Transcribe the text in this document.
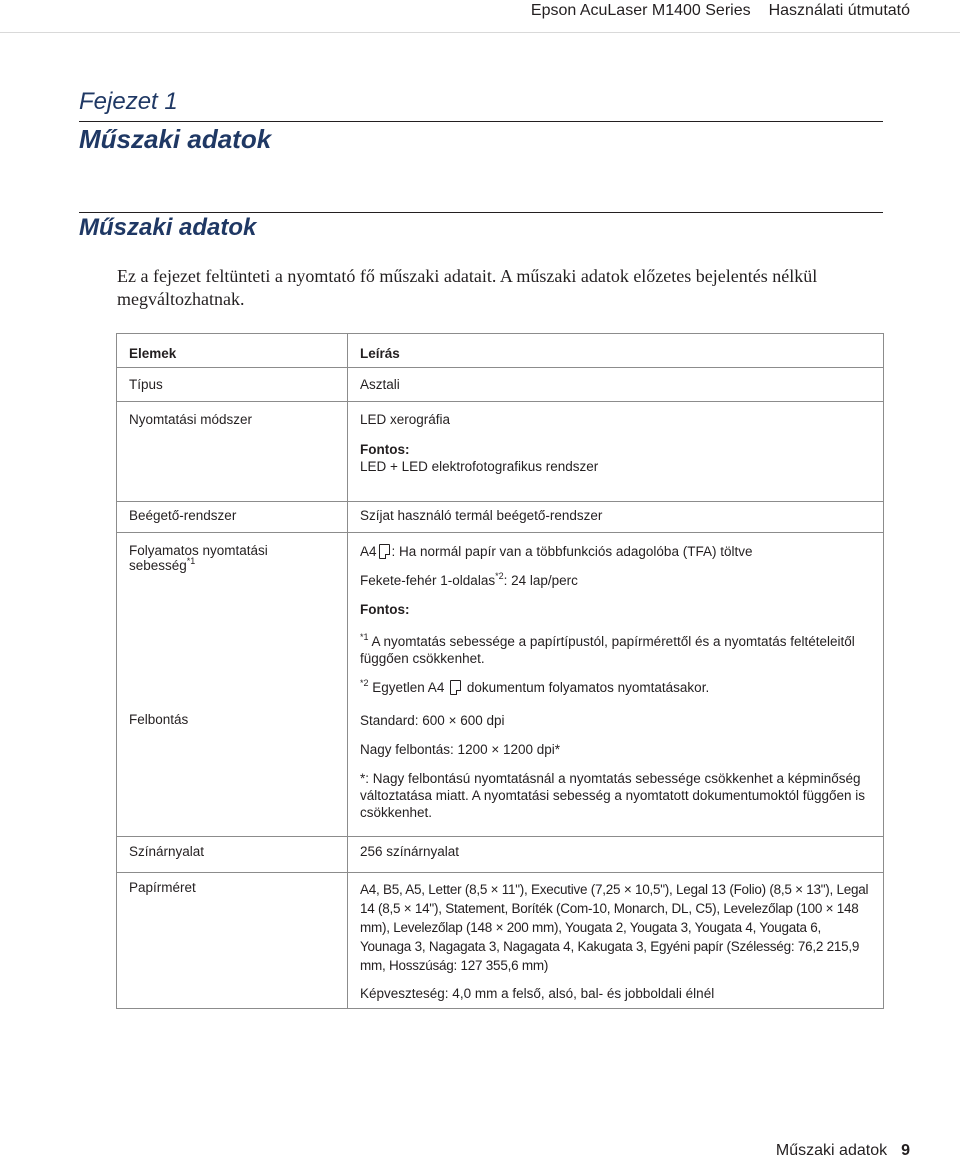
Epson AcuLaser M1400 Series Használati útmutató
Fejezet 1
Műszaki adatok
Műszaki adatok
Ez a fejezet feltünteti a nyomtató fő műszaki adatait. A műszaki adatok előzetes bejelentés nélkül megváltozhatnak.
Elemek	Leírás
Típus	Asztali

Nyomtatási módszer	LED xerográfia

Fontos:

LED + LED elektrofotografikus rendszer

Beégető-rendszer	Szíjat használó termál beégető-rendszer
Folyamatos nyomtatási sebesség$^{*1}$	A4 : Ha normál papír van a többfunkciós adagolóba (TFA) töltve

Fekete-fehér 1-oldalas$^{*2}$: 24 lap/perc

Fontos:

$^{*1}$ A nyomtatás sebessége a papírtípustól, papírmérettől és a nyomtatás feltételeitől függően csökkenhet.

$^{*2}$ Egyetlen A4  dokumentum folyamatos nyomtatásakor.

Felbontás	Standard: 600 × 600 dpi

Nagy felbontás: 1200 × 1200 dpi*

*: Nagy felbontású nyomtatásnál a nyomtatás sebessége csökkenhet a képminőség változtatása miatt. A nyomtatási sebesség a nyomtatott dokumentumoktól függően is csökkenhet.

Színárnyalat	256 színárnyalat
Papírméret	A4, B5, A5, Letter (8,5 × 11"), Executive (7,25 × 10,5"), Legal 13 (Folio) (8,5 × 13"), Legal 14 (8,5 × 14"), Statement, Boríték (Com-10, Monarch, DL, C5), Levelezőlap (100 × 148 mm), Levelezőlap (148 × 200 mm), Yougata 2, Yougata 3, Yougata 4, Yougata 6, Younaga 3, Nagagata 3, Nagagata 4, Kakugata 3, Egyéni papír (Szélesség: 76,2 215,9 mm, Hosszúság: 127 355,6 mm)

Képveszteség: 4,0 mm a felső, alsó, bal- és jobboldali élnél

Műszaki adatok 9
